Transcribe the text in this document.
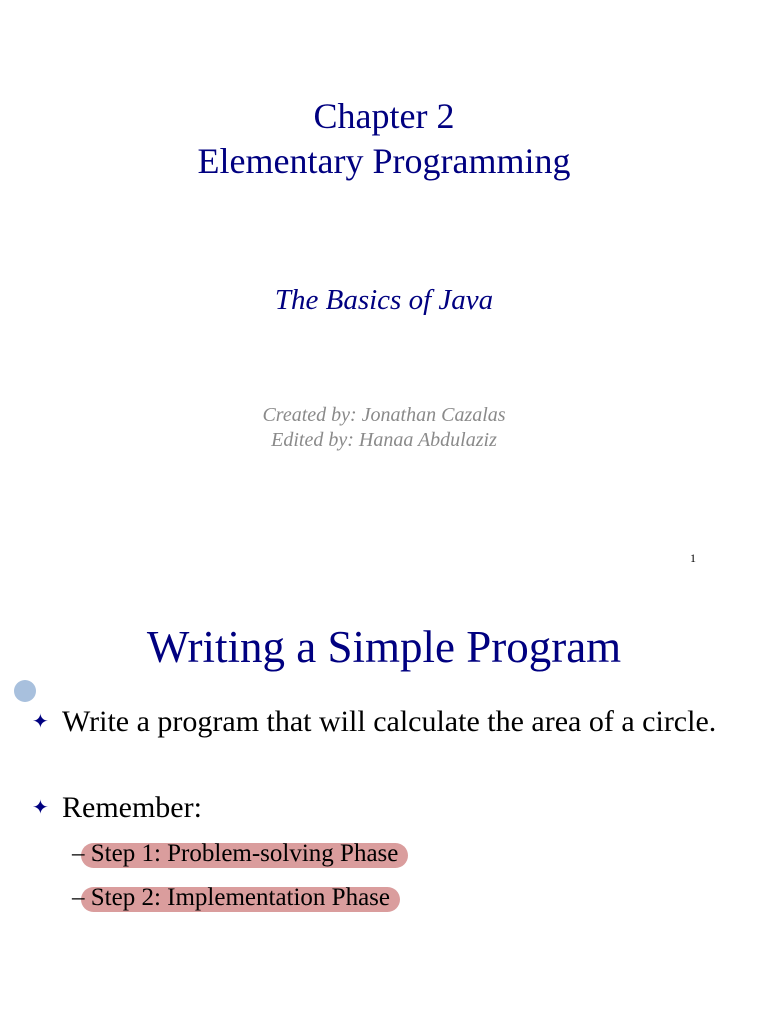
Chapter 2
Elementary Programming
The Basics of Java
Created by: Jonathan Cazalas
Edited by: Hanaa Abdulaziz
1
Writing a Simple Program
✦ Write a program that will calculate the area of a circle.
✦ Remember:
– Step 1: Problem-solving Phase
– Step 2: Implementation Phase
